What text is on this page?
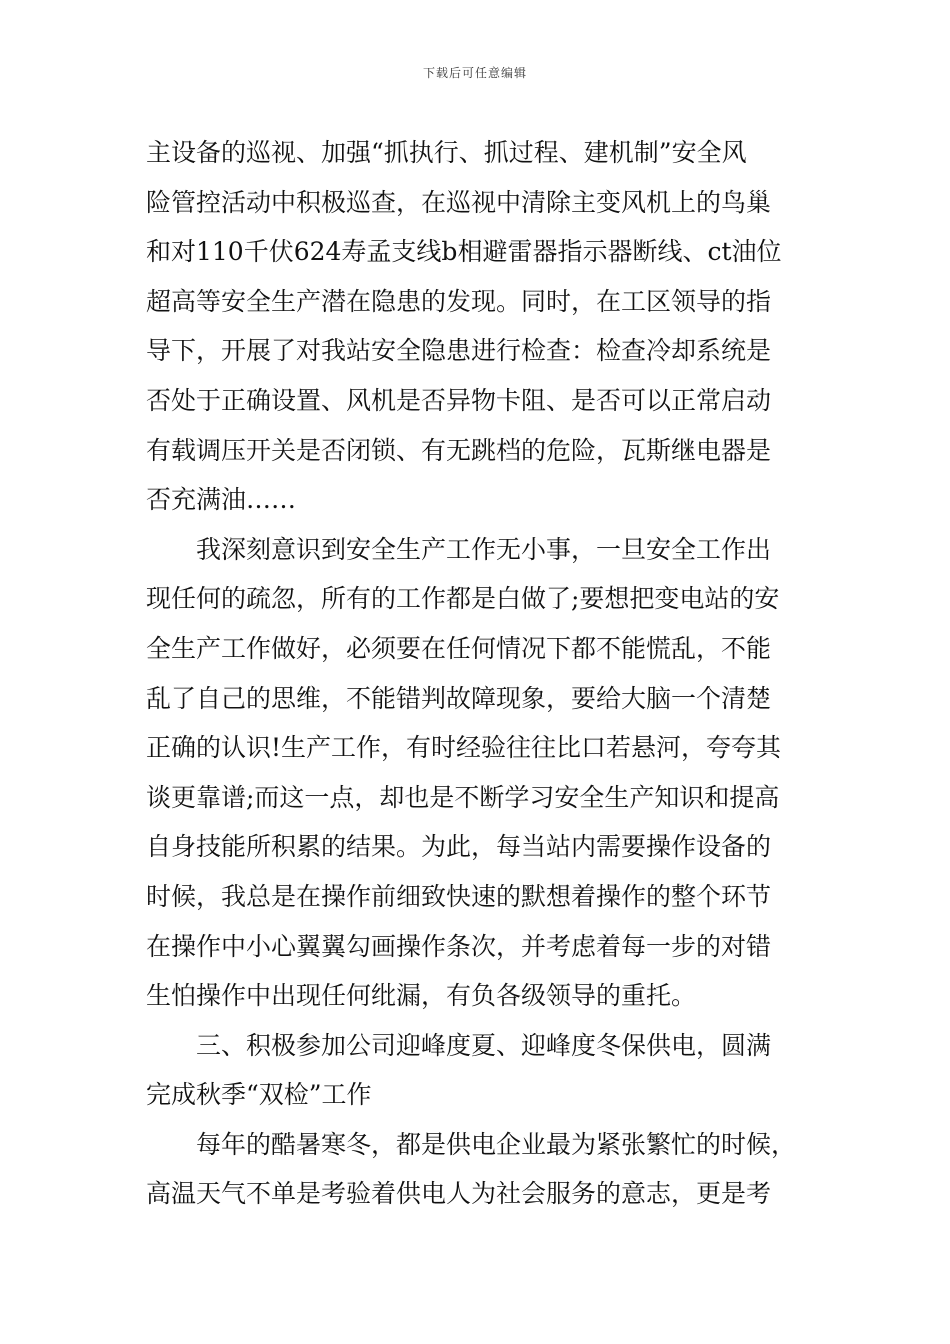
下载后可任意编辑
主设备的巡视、加强“抓执行、抓过程、建机制”安全风
险管控活动中积极巡查，在巡视中清除主变风机上的鸟巢
和对110千伏624寿孟支线b相避雷器指示器断线、ct油位
超高等安全生产潜在隐患的发现。同时，在工区领导的指
导下，开展了对我站安全隐患进行检查：检查冷却系统是
否处于正确设置、风机是否异物卡阻、是否可以正常启动
有载调压开关是否闭锁、有无跳档的危险，瓦斯继电器是
否充满油……
我深刻意识到安全生产工作无小事，一旦安全工作出
现任何的疏忽，所有的工作都是白做了;要想把变电站的安
全生产工作做好，必须要在任何情况下都不能慌乱，不能
乱了自己的思维，不能错判故障现象，要给大脑一个清楚
正确的认识!生产工作，有时经验往往比口若悬河，夸夸其
谈更靠谱;而这一点，却也是不断学习安全生产知识和提高
自身技能所积累的结果。为此，每当站内需要操作设备的
时候，我总是在操作前细致快速的默想着操作的整个环节
在操作中小心翼翼勾画操作条次，并考虑着每一步的对错
生怕操作中出现任何纰漏，有负各级领导的重托。
三、积极参加公司迎峰度夏、迎峰度冬保供电，圆满
完成秋季“双检”工作
每年的酷暑寒冬，都是供电企业最为紧张繁忙的时候，
高温天气不单是考验着供电人为社会服务的意志，更是考
